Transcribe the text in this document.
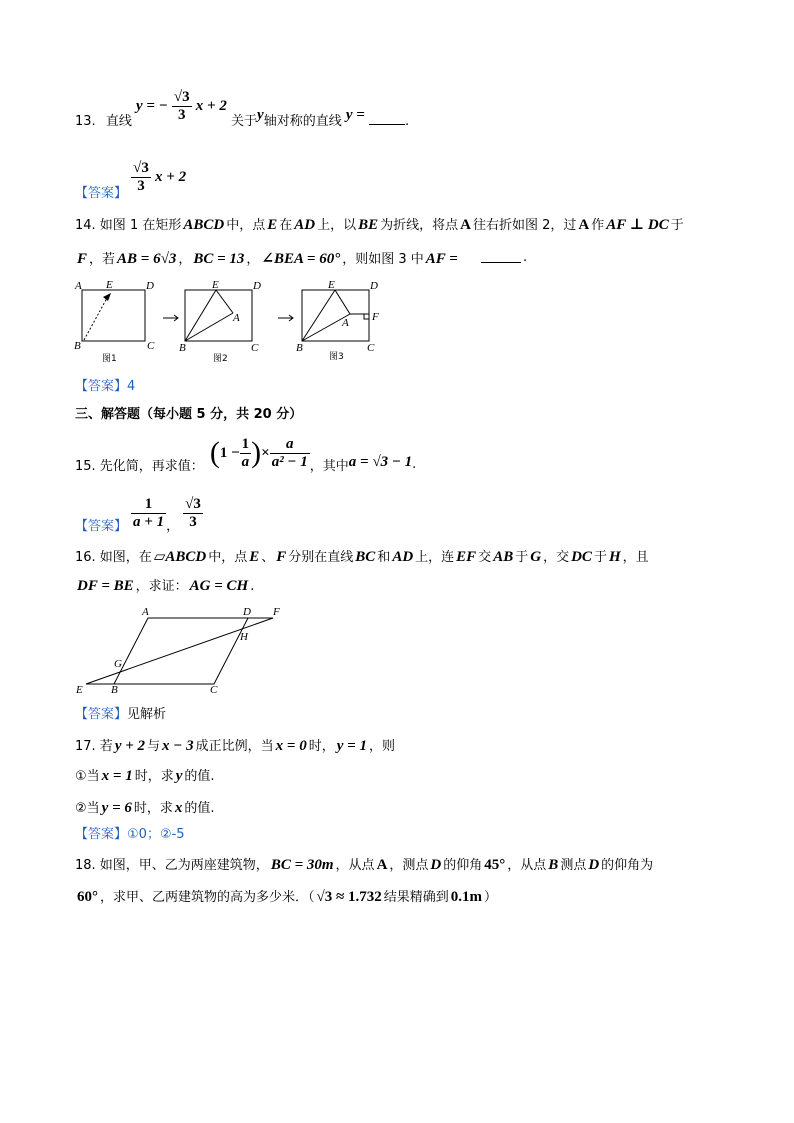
13. 直线 y = − $\frac{√3}{3}$ x + 2 关于y轴对称的直线 y =	.
【答案】 $\frac{√3}{3}$ x + 2
14. 如图 1 在矩形 ABCD 中，点 E 在 AD 上，以 BE 为折线，将点 A 往右折如图 2，过 A 作 AF ⊥ DC 于
F ，若 AB = 6√3 ， BC = 13 ， ∠BEA = 60° ，则如图 3 中 AF =	.
A E	D
B	C
图1
E	D
A
B	C
图2
E	D
A F
B	C
图3
【答案】4
三、解答题（每小题 5 分，共 20 分）
15. 先化简，再求值： ( $1 - \frac{1}{a}$ ) × $\frac{a}{\text{a² − 1}}$ ，其中 a = √3 − 1 .
【答案】 $\frac{1}{a + 1}$ ， $\frac{√3}{3}$
16. 如图，在 ▱ABCD 中，点 E 、 F 分别在直线 BC 和 AD 上，连 EF 交 AB 于 G ，交 DC 于 H ，且
DF = BE ，求证： AG = CH .
A	D F
H
G
E	B	C
【答案】见解析
17. 若 y + 2 与 x − 3 成正比例，当 x = 0 时， y = 1 ，则
①当 x = 1 时，求 y 的值.
②当 y = 6 时，求 x 的值.
【答案】①0；②-5
18. 如图，甲、乙为两座建筑物， BC = 30m ，从点 A ，测点 D 的仰角 45° ，从点 B 测点 D 的仰角为
60° ，求甲、乙两建筑物的高为多少米．（ √3 ≈ 1.732 结果精确到 0.1m ）
